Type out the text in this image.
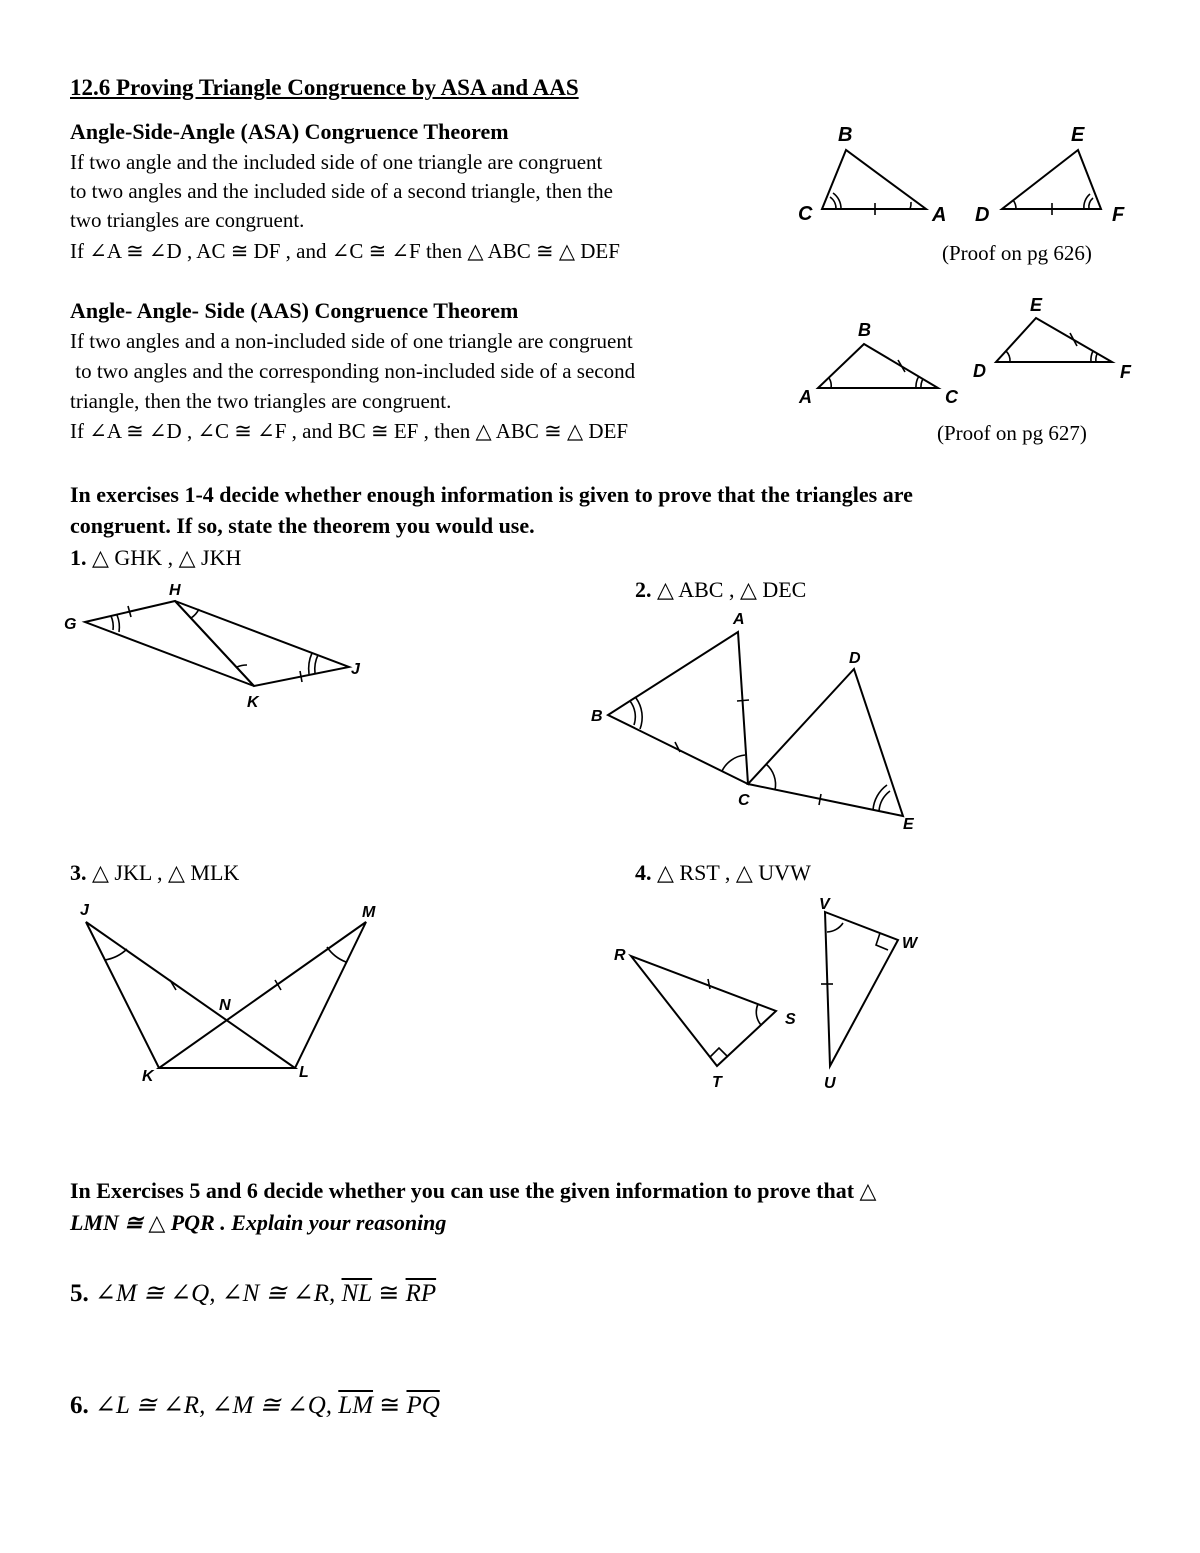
12.6 Proving Triangle Congruence by ASA and AAS
Angle-Side-Angle (ASA) Congruence Theorem
If two angle and the included side of one triangle are congruent
to two angles and the included side of a second triangle, then the
two triangles are congruent.
If ∠A ≅ ∠D , AC ≅ DF , and ∠C ≅ ∠F then △ ABC ≅ △ DEF	(Proof on pg 626)
B
C	A D
E
F
Angle- Angle- Side (AAS) Congruence Theorem
If two angles and a non-included side of one triangle are congruent
to two angles and the corresponding non-included side of a second
triangle, then the two triangles are congruent.
If ∠A ≅ ∠D , ∠C ≅ ∠F , and BC ≅ EF , then △ ABC ≅ △ DEF	(Proof on pg 627)
B
A	C
E
D	F
In exercises 1-4 decide whether enough information is given to prove that the triangles are
congruent. If so, state the theorem you would use.
1. △ GHK , △ JKH
G
H
J
K
2. △ ABC , △ DEC
A
B
C
D
E
3. △ JKL , △ MLK
J	M
N
K	L
4. △ RST , △ UVW
V
W
R
S
T	U
In Exercises 5 and 6 decide whether you can use the given information to prove that △
LMN ≅ △ PQR . Explain your reasoning
5. ∠M ≅ ∠Q, ∠N ≅ ∠R, $\overline{NL}$ ≅ $\overline{RP}$
6. ∠L ≅ ∠R, ∠M ≅ ∠Q, $\overline{LM}$ ≅ $\overline{PQ}$
